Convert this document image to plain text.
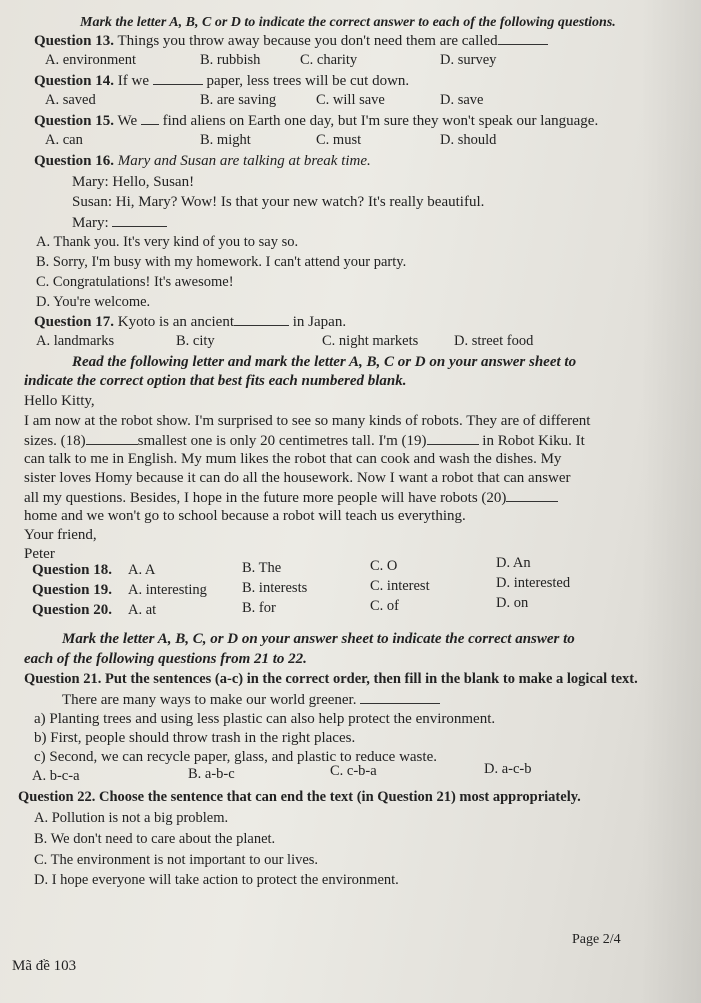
Mark the letter A, B, C or D to indicate the correct answer to each of the following questions.
Question 13. Things you throw away because you don't need them are called
A. environment	B. rubbish	C. charity	D. survey
Question 14. If we	paper, less trees will be cut down.
A. saved	B. are saving	C. will save	D. save
Question 15. We find aliens on Earth one day, but I'm sure they won't speak our language.
A. can	B. might	C. must	D. should
Question 16. Mary and Susan are talking at break time.
Mary: Hello, Susan!
Susan: Hi, Mary? Wow! Is that your new watch? It's really beautiful.
Mary:
A. Thank you. It's very kind of you to say so.
B. Sorry, I'm busy with my homework. I can't attend your party.
C. Congratulations! It's awesome!
D. You're welcome.
Question 17. Kyoto is an ancient	in Japan.
A. landmarks	B. city	C. night markets D. street food
Read the following letter and mark the letter A, B, C or D on your answer sheet to
indicate the correct option that best fits each numbered blank.
Hello Kitty,
I am now at the robot show. I'm surprised to see so many kinds of robots. They are of different
sizes. (18)	smallest one is only 20 centimetres tall. I'm (19)	in Robot Kiku. It
can talk to me in English. My mum likes the robot that can cook and wash the dishes. My
sister loves Homy because it can do all the housework. Now I want a robot that can answer
all my questions. Besides, I hope in the future more people will have robots (20)
home and we won't go to school because a robot will teach us everything.
Your friend,
Peter
Question 18. A. A	B. The	C. O	D. An
Question 19. A. interesting B. interests	C. interest	D. interested
Question 20. A. at	B. for	C. of	D. on
Mark the letter A, B, C, or D on your answer sheet to indicate the correct answer to
each of the following questions from 21 to 22.
Question 21. Put the sentences (a-c) in the correct order, then fill in the blank to make a logical text.
There are many ways to make our world greener.
a) Planting trees and using less plastic can also help protect the environment.
b) First, people should throw trash in the right places.
c) Second, we can recycle paper, glass, and plastic to reduce waste.
A. b-c-a	B. a-b-c	C. c-b-a	D. a-c-b
Question 22. Choose the sentence that can end the text (in Question 21) most appropriately.
A. Pollution is not a big problem.
B. We don't need to care about the planet.
C. The environment is not important to our lives.
D. I hope everyone will take action to protect the environment.
Page 2/4
Mã đề 103
